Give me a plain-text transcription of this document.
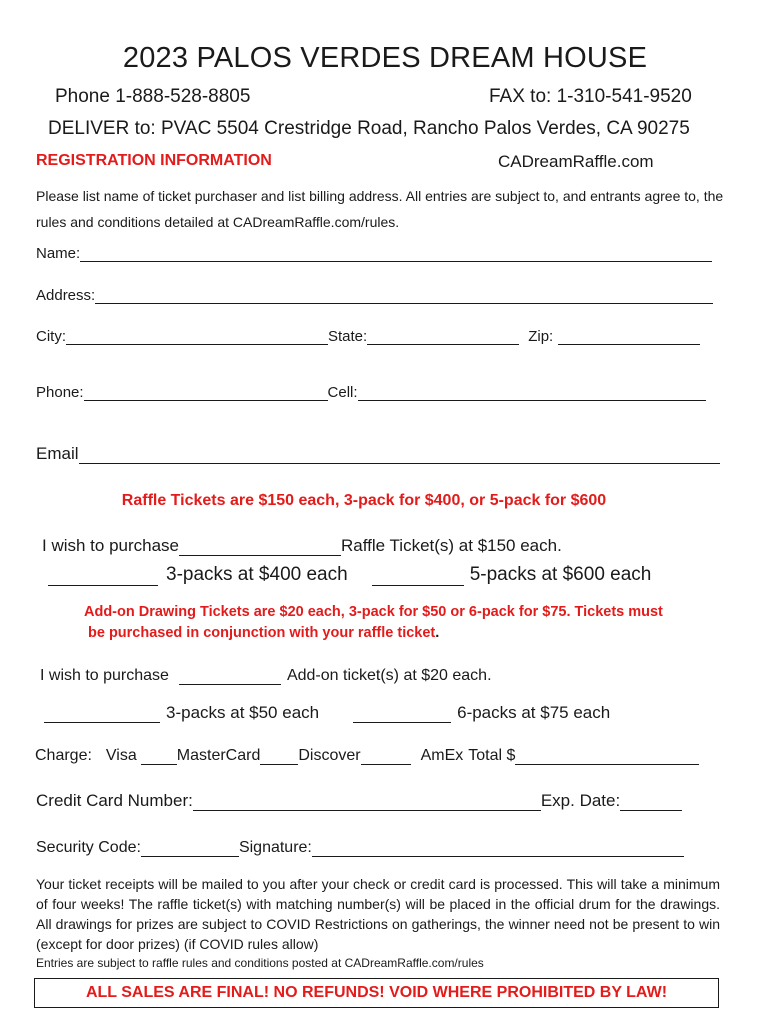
2023 PALOS VERDES DREAM HOUSE
Phone 1-888-528-8805	FAX to: 1-310-541-9520
DELIVER to: PVAC 5504 Crestridge Road, Rancho Palos Verdes, CA 90275
REGISTRATION INFORMATION	CADreamRaffle.com
Please list name of ticket purchaser and list billing address. All entries are subject to, and entrants agree to, the rules and conditions detailed at CADreamRaffle.com/rules.
Name:
Address:
City:	State:	Zip:
Phone:	Cell:
Email
Raffle Tickets are $150 each, 3-pack for $400, or 5-pack for $600
I wish to purchase	Raffle Ticket(s) at $150 each.
3-packs at $400 each	5-packs at $600 each
Add-on Drawing Tickets are $20 each, 3-pack for $50 or 6-pack for $75. Tickets must
be purchased in conjunction with your raffle ticket.
I wish to purchase	Add-on ticket(s) at $20 each.
3-packs at $50 each	6-packs at $75 each
Charge: Visa	MasterCard Discover	AmEx Total $
Credit Card Number:	Exp. Date:
Security Code:	Signature:
Your ticket receipts will be mailed to you after your check or credit card is processed. This will take a minimum of four weeks! The raffle ticket(s) with matching number(s) will be placed in the official drum for the drawings. All drawings for prizes are subject to COVID Restrictions on gatherings, the winner need not be present to win (except for door prizes) (if COVID rules allow)
Entries are subject to raffle rules and conditions posted at CADreamRaffle.com/rules
ALL SALES ARE FINAL! NO REFUNDS! VOID WHERE PROHIBITED BY LAW!
